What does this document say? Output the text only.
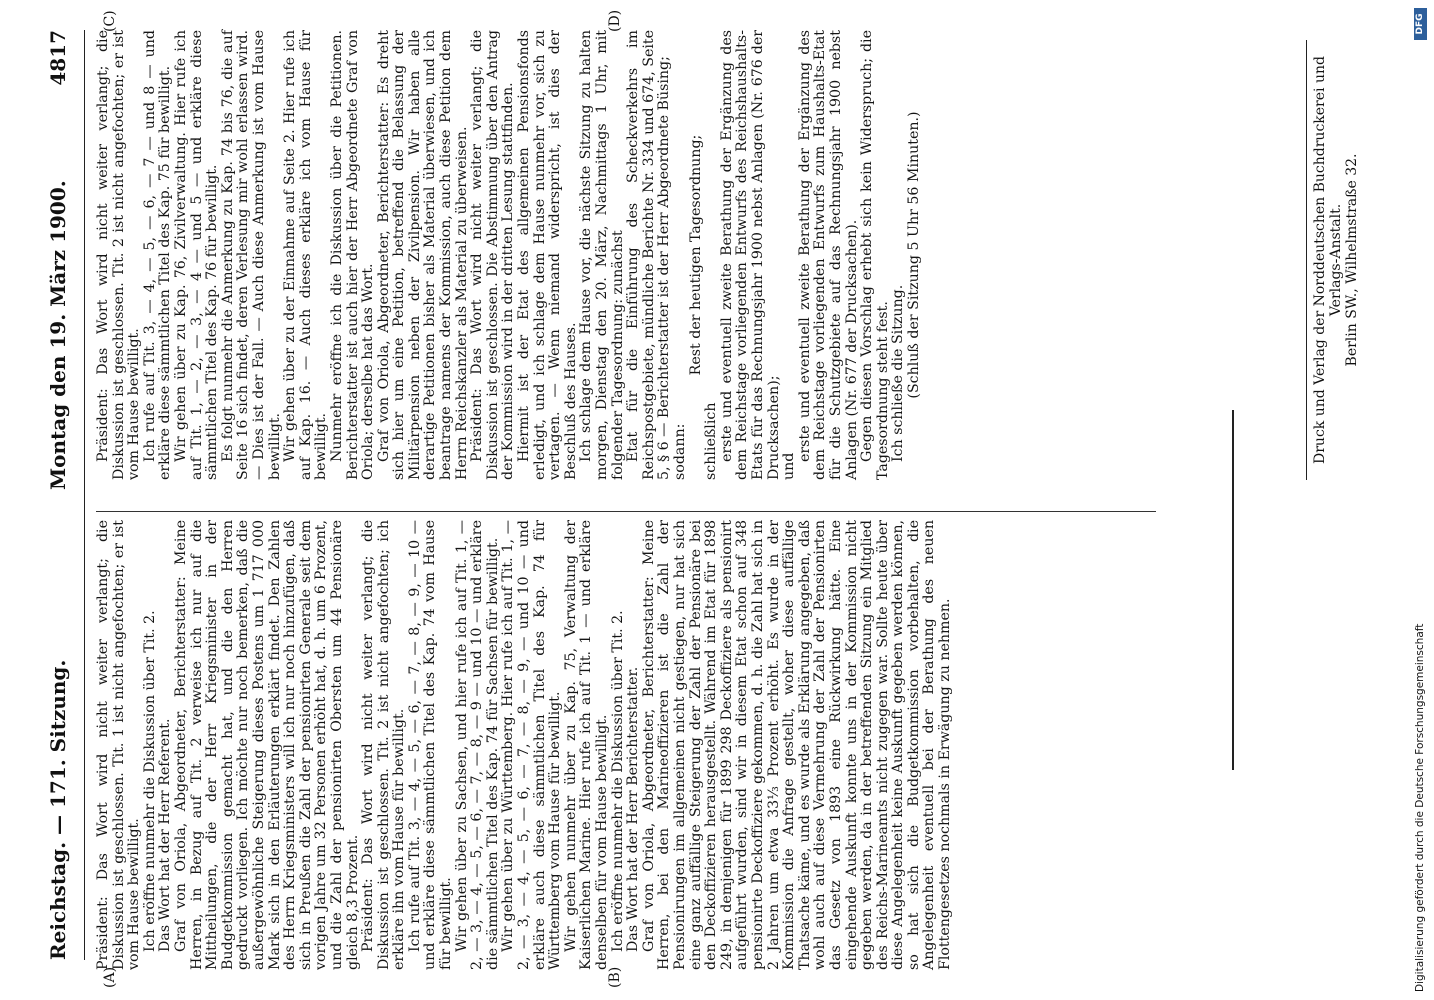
Reichstag. — 171. Sitzung.
Montag den 19. März 1900.
4817
(A)	(B)
(C)	(D)

Präsident: Das Wort wird nicht weiter verlangt; die Diskussion ist geschlossen. Tit. 1 ist nicht angefochten; er ist vom Hause bewilligt. Ich eröffne nunmehr die Diskussion über Tit. 2. Das Wort hat der Herr Referent. Graf von Oriola, Abgeordneter, Berichterstatter: Meine Herren, in Bezug auf Tit. 2 verweise ich nur auf die Mittheilungen, die der Herr Kriegsminister in der Budgetkommission gemacht hat, und die den Herren gedruckt vorliegen. Ich möchte nur noch bemerken, daß die außergewöhnliche Steigerung dieses Postens um 1 717 000 Mark sich in den Erläuterungen erklärt findet. Den Zahlen des Herrn Kriegsministers will ich nur noch hinzufügen, daß sich in Preußen die Zahl der pensionirten Generale seit dem vorigen Jahre um 32 Personen erhöht hat, d. h. um 6 Prozent, und die Zahl der pensionirten Obersten um 44 Pensionäre gleich 8,3 Prozent. Präsident: Das Wort wird nicht weiter verlangt; die Diskussion ist geschlossen. Tit. 2 ist nicht angefochten; ich erkläre ihn vom Hause für bewilligt. Ich rufe auf Tit. 3, — 4, — 5, — 6, — 7, — 8, — 9, — 10 — und erkläre diese sämmtlichen Titel des Kap. 74 vom Hause für bewilligt. Wir gehen über zu Sachsen, und hier rufe ich auf Tit. 1, — 2, — 3, — 4, — 5, — 6, — 7, — 8, — 9 — und 10 — und erkläre die sämmtlichen Titel des Kap. 74 für Sachsen für bewilligt. Wir gehen über zu Württemberg. Hier rufe ich auf Tit. 1, — 2, — 3, — 4, — 5, — 6, — 7, — 8, — 9, — und 10 — und erkläre auch diese sämmtlichen Titel des Kap. 74 für Württemberg vom Hause für bewilligt. Wir gehen nunmehr über zu Kap. 75, Verwaltung der Kaiserlichen Marine. Hier rufe ich auf Tit. 1 — und erkläre denselben für vom Hause bewilligt. Ich eröffne nunmehr die Diskussion über Tit. 2. Das Wort hat der Herr Berichterstatter. Graf von Oriola, Abgeordneter, Berichterstatter: Meine Herren, bei den Marineoffizieren ist die Zahl der Pensionirungen im allgemeinen nicht gestiegen, nur hat sich eine ganz auffällige Steigerung der Zahl der Pensionäre bei den Deckoffizieren herausgestellt. Während im Etat für 1898 249, in demjenigen für 1899 298 Deckoffiziere als pensionirt aufgeführt wurden, sind wir in diesem Etat schon auf 348 pensionirte Deckoffiziere gekommen, d. h. die Zahl hat sich in 2 Jahren um etwa 33⅓ Prozent erhöht. Es wurde in der Kommission die Anfrage gestellt, woher diese auffällige Thatsache käme, und es wurde als Erklärung angegeben, daß wohl auch auf diese Vermehrung der Zahl der Pensionirten das Gesetz von 1893 eine Rückwirkung hätte. Eine eingehende Auskunft konnte uns in der Kommission nicht gegeben werden, da in der betreffenden Sitzung ein Mitglied des Reichs-Marineamts nicht zugegen war. Sollte heute über diese Angelegenheit keine Auskunft gegeben werden können, so hat sich die Budgetkommission vorbehalten, die Angelegenheit eventuell bei der Berathung des neuen Flottengesetzes nochmals in Erwägung zu nehmen.

Präsident: Das Wort wird nicht weiter verlangt; die Diskussion ist geschlossen. Tit. 2 ist nicht angefochten; er ist vom Hause bewilligt. Ich rufe auf Tit. 3, — 4, — 5, — 6, — 7 — und 8 — und erkläre diese sämmtlichen Titel des Kap. 75 für bewilligt. Wir gehen über zu Kap. 76, Zivilverwaltung. Hier rufe ich auf Tit. 1, — 2, — 3, — 4 — und 5 — und erkläre diese sämmtlichen Titel des Kap. 76 für bewilligt. Es folgt nunmehr die Anmerkung zu Kap. 74 bis 76, die auf Seite 16 sich findet, deren Verlesung mir wohl erlassen wird. — Dies ist der Fall. — Auch diese Anmerkung ist vom Hause bewilligt. Wir gehen über zu der Einnahme auf Seite 2. Hier rufe ich auf Kap. 16. — Auch dieses erkläre ich vom Hause für bewilligt. Nunmehr eröffne ich die Diskussion über die Petitionen. Berichterstatter ist auch hier der Herr Abgeordnete Graf von Oriola; derselbe hat das Wort. Graf von Oriola, Abgeordneter, Berichterstatter: Es dreht sich hier um eine Petition, betreffend die Belassung der Militärpension neben der Zivilpension. Wir haben alle derartige Petitionen bisher als Material überwiesen, und ich beantrage namens der Kommission, auch diese Petition dem Herrn Reichskanzler als Material zu überweisen. Präsident: Das Wort wird nicht weiter verlangt; die Diskussion ist geschlossen. Die Abstimmung über den Antrag der Kommission wird in der dritten Lesung stattfinden. Hiermit ist der Etat des allgemeinen Pensionsfonds erledigt, und ich schlage dem Hause nunmehr vor, sich zu vertagen. — Wenn niemand widerspricht, ist dies der Beschluß des Hauses. Ich schlage dem Hause vor, die nächste Sitzung zu halten morgen, Dienstag den 20. März, Nachmittags 1 Uhr, mit folgender Tagesordnung: zunächst Etat für die Einführung des Scheckverkehrs im Reichspostgebiete, mündliche Berichte Nr. 334 und 674, Seite 5, § 6 — Berichterstatter ist der Herr Abgeordnete Büsing; sodann:

Rest der heutigen Tagesordnung;

schließlich erste und eventuell zweite Berathung der Ergänzung des dem Reichstage vorliegenden Entwurfs des Reichshaushalts-Etats für das Rechnungsjahr 1900 nebst Anlagen (Nr. 676 der Drucksachen); und

erste und eventuell zweite Berathung der Ergänzung des dem Reichstage vorliegenden Entwurfs zum Haushalts-Etat für die Schutzgebiete auf das Rechnungsjahr 1900 nebst Anlagen (Nr. 677 der Drucksachen). Gegen diesen Vorschlag erhebt sich kein Widerspruch; die Tagesordnung steht fest. Ich schließe die Sitzung. (Schluß der Sitzung 5 Uhr 56 Minuten.)	Druck und Verlag der Norddeutschen Buchdruckerei und Verlags-Anstalt. Berlin SW., Wilhelmstraße 32.
Digitalisierung gefördert durch die Deutsche Forschungsgemeinschaft
DFG
